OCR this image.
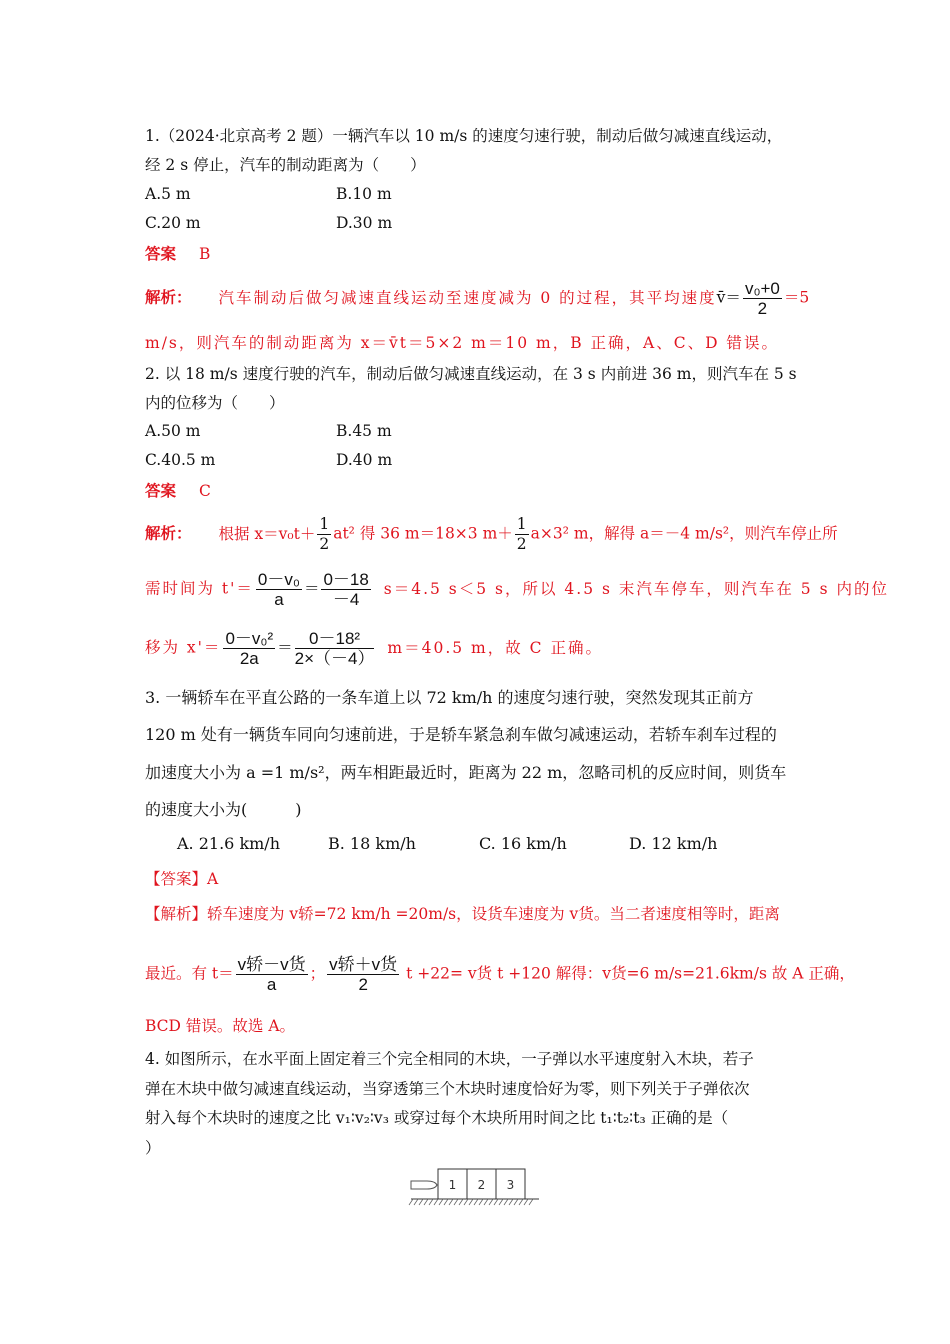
1.（2024·北京高考 2 题）一辆汽车以 10 m/s 的速度匀速行驶，制动后做匀减速直线运动，
经 2 s 停止，汽车的制动距离为（　　）
A.5 m	B.10 m
C.20 m	D.30 m
答案 B
解析： 汽车制动后做匀减速直线运动至速度减为 0 的过程，其平均速度v̄＝ $\frac{\text{v₀+0}}{2} =5$
m/s，则汽车的制动距离为 x＝v̄t＝5×2 m＝10 m，B 正确，A、C、D 错误。
2. 以 18 m/s 速度行驶的汽车，制动后做匀减速直线运动，在 3 s 内前进 36 m，则汽车在 5 s
内的位移为（　　）
A.50 m	B.45 m
C.40.5 m	D.40 m
答案 C
解析： 根据 $x=v_0t+ \frac{1}{2} at^2$ 得 36 m＝18×3 $m+ \frac{1}{2} a\times 3^2$ m，解得 a＝－4 m/s²，则汽车停止所
需时间为 $t'= \frac{\text{0－v₀}}{a} = \frac{0-18}{-4} s=4.5$ s＜5 s，所以 4.5 s 末汽车停车，则汽车在 5 s 内的位
移为 $x'= \frac{\text{0－v₀²}}{2a} = \frac{\text{0－18²}}{2\times(-4)} m=40.5$ m，故 C 正确。
3. 一辆轿车在平直公路的一条车道上以 72 km/h 的速度匀速行驶，突然发现其正前方
120 m 处有一辆货车同向匀速前进，于是轿车紧急刹车做匀减速运动，若轿车刹车过程的
加速度大小为 a =1 m/s²，两车相距最近时，距离为 22 m，忽略司机的反应时间，则货车
的速度大小为(　　　)
A. 21.6 km/h	B. 18 km/h	C. 16 km/h	D. 12 km/h
【答案】A
【解析】轿车速度为 v轿=72 km/h =20m/s，设货车速度为 v货。当二者速度相等时，距离
最近。有 $t= \frac{\text{v轿－v货}}{a}$ ； $\frac{\text{v轿＋v货}}{2}$ t +22= v货 t +120 解得：v货=6 m/s=21.6km/s 故 A 正确，
BCD 错误。故选 A。
4. 如图所示，在水平面上固定着三个完全相同的木块，一子弹以水平速度射入木块，若子
弹在木块中做匀减速直线运动，当穿透第三个木块时速度恰好为零，则下列关于子弹依次
射入每个木块时的速度之比 v₁∶v₂∶v₃ 或穿过每个木块所用时间之比 t₁∶t₂∶t₃ 正确的是（
）
1 2 3
